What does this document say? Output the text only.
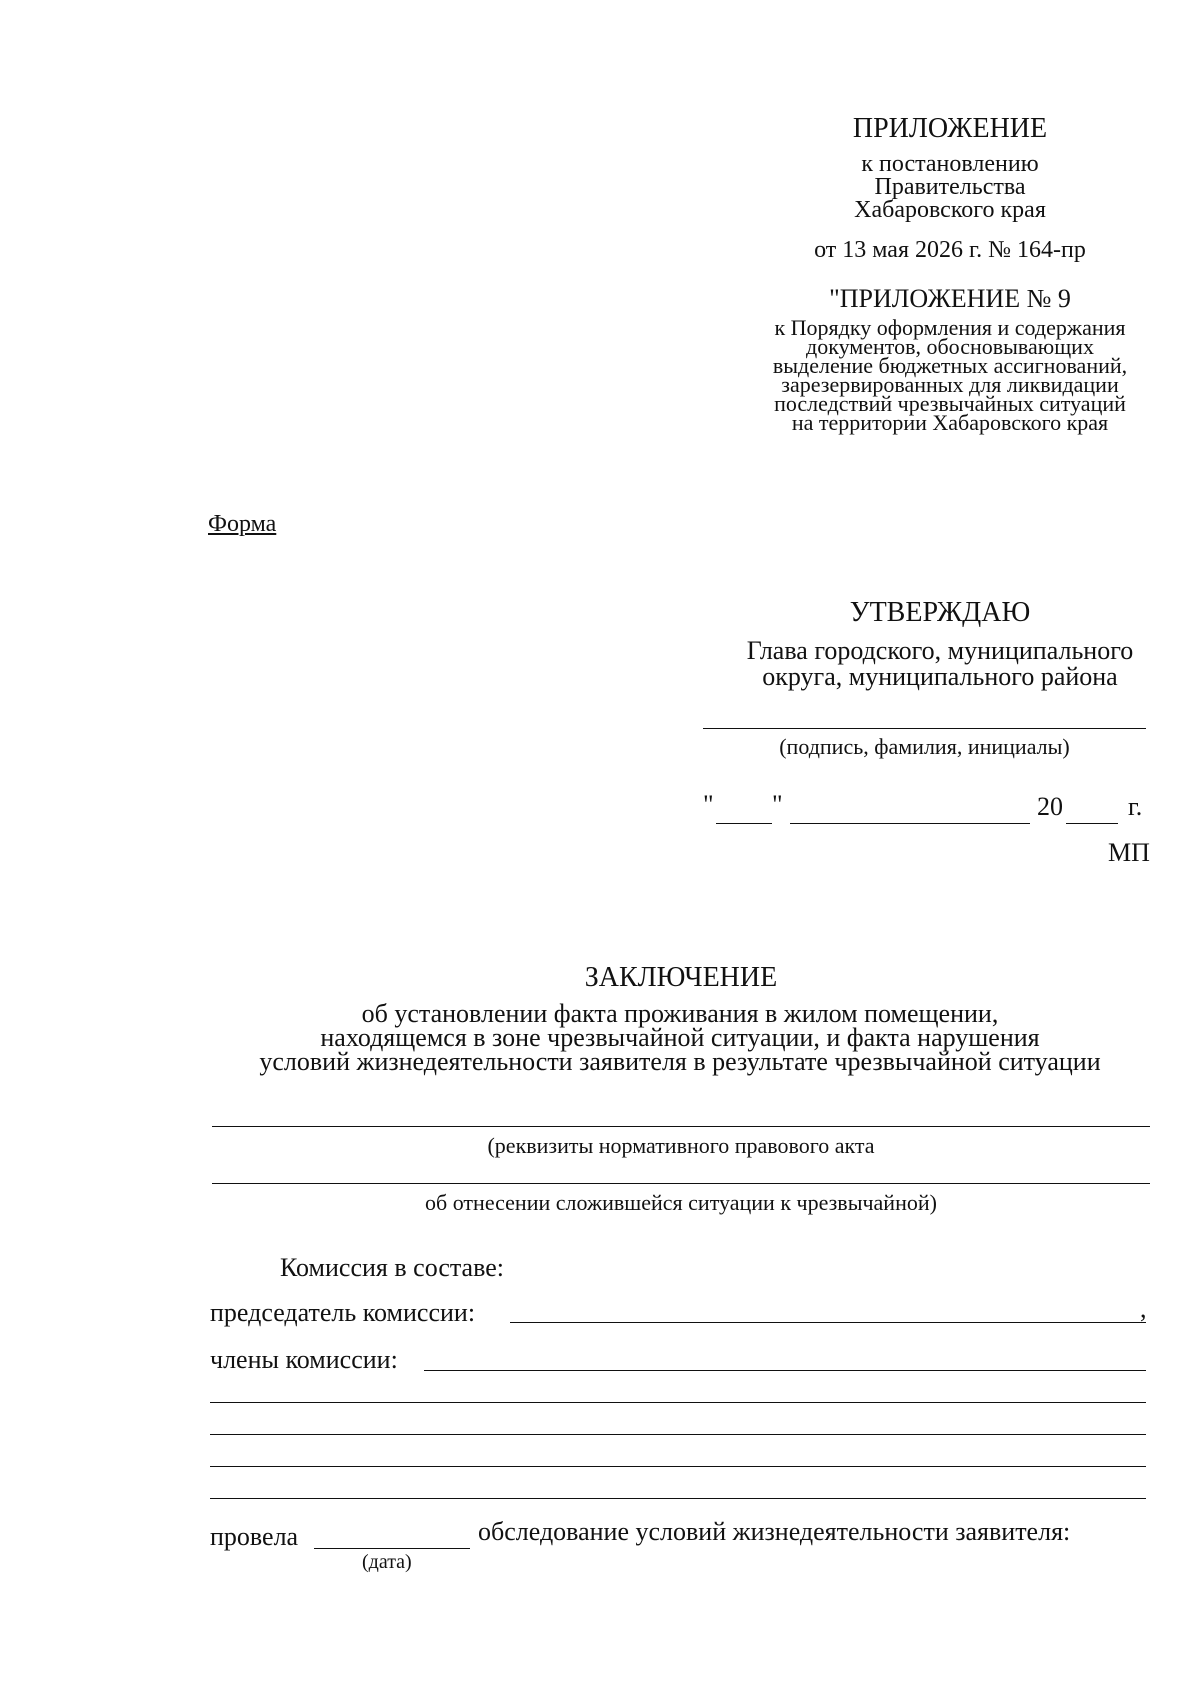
ПРИЛОЖЕНИЕ
к постановлению
Правительства
Хабаровского края
от 13 мая 2026 г. № 164-пр
"ПРИЛОЖЕНИЕ № 9
к Порядку оформления и содержания
документов, обосновывающих
выделение бюджетных ассигнований,
зарезервированных для ликвидации
последствий чрезвычайных ситуаций
на территории Хабаровского края
Форма
УТВЕРЖДАЮ
Глава городского, муниципального
округа, муниципального района
(подпись, фамилия, инициалы)
" "	20	г.
МП
ЗАКЛЮЧЕНИЕ
об установлении факта проживания в жилом помещении,
находящемся в зоне чрезвычайной ситуации, и факта нарушения
условий жизнедеятельности заявителя в результате чрезвычайной ситуации
(реквизиты нормативного правового акта
об отнесении сложившейся ситуации к чрезвычайной)
Комиссия в составе:
председатель комиссии:	,
члены комиссии:
провела	обследование условий жизнедеятельности заявителя:
(дата)
